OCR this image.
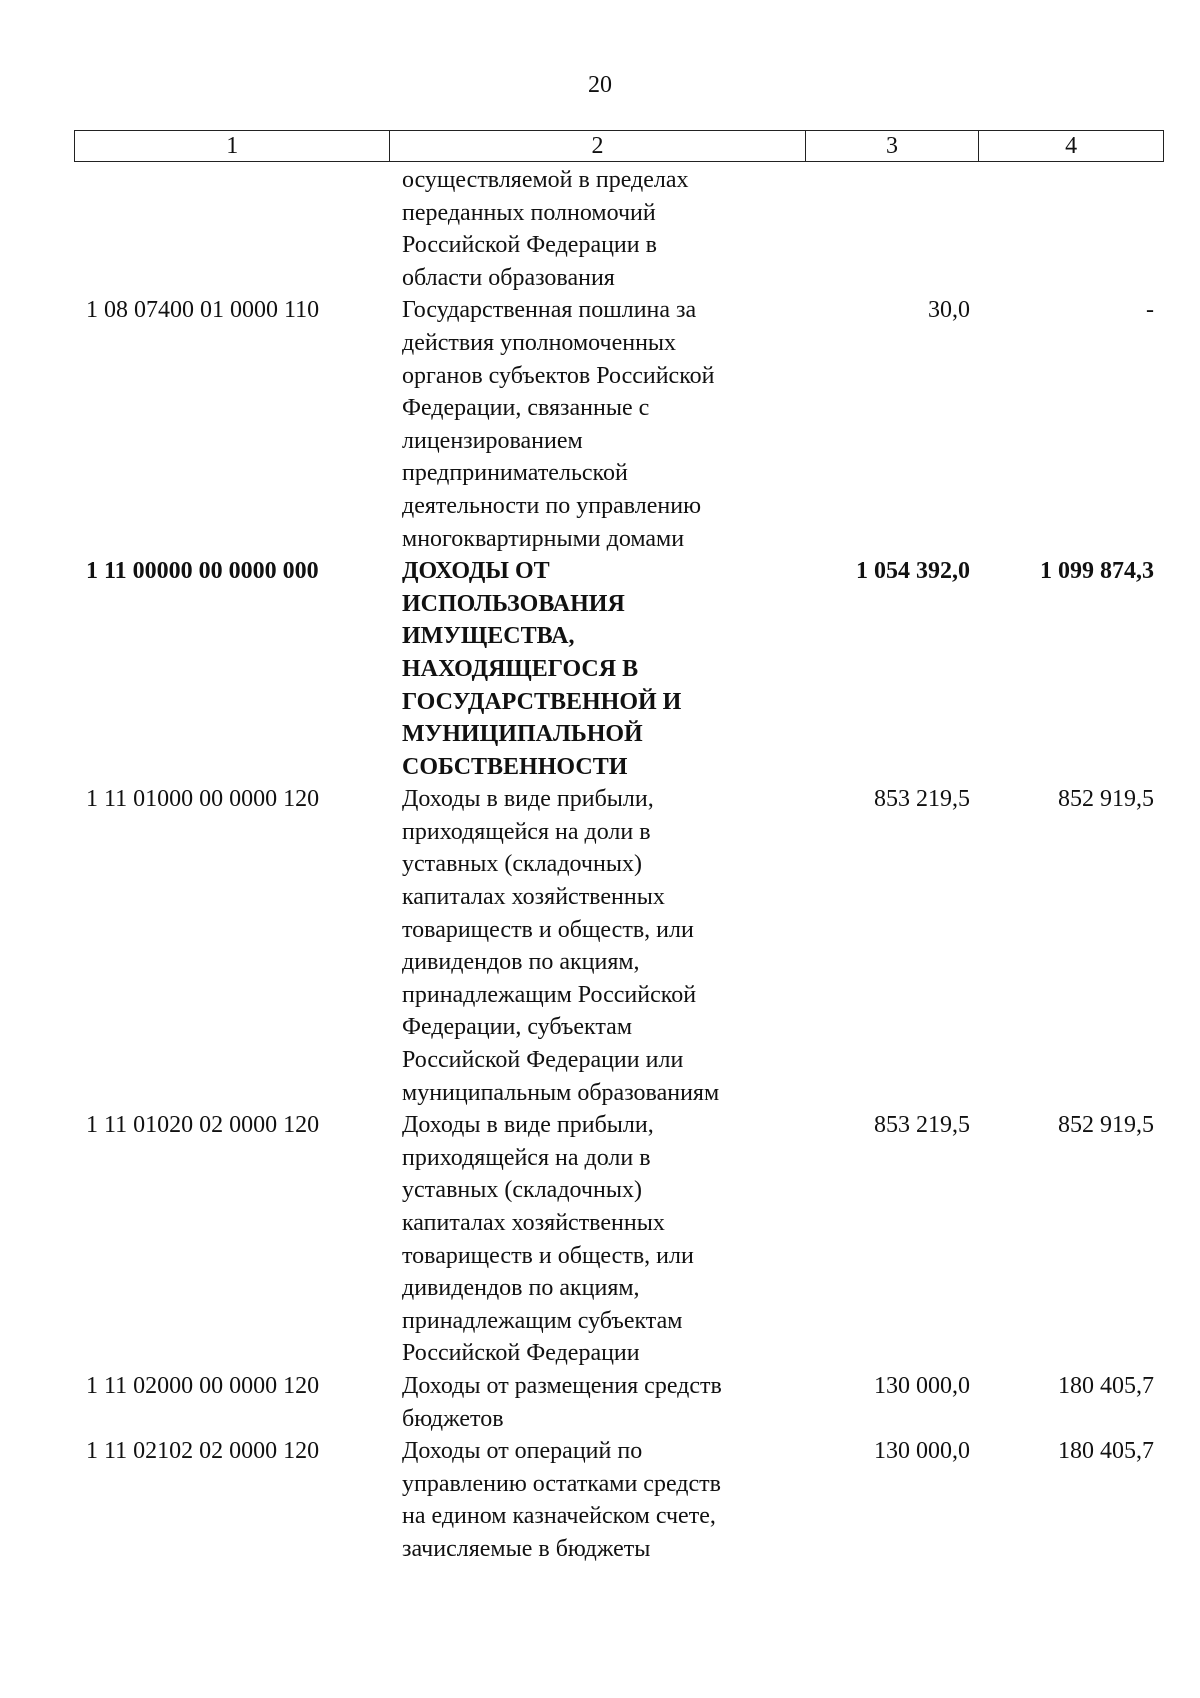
20
1	2	3	4
осуществляемой в пределах
переданных полномочий
Российской Федерации в
области образования
1 08 07400 01 0000 110	Государственная пошлина за
действия уполномоченных
органов субъектов Российской
Федерации, связанные с
лицензированием
предпринимательской
деятельности по управлению
многоквартирными домами
30,0	-
1 11 00000 00 0000 000	ДОХОДЫ ОТ
ИСПОЛЬЗОВАНИЯ
ИМУЩЕСТВА,
НАХОДЯЩЕГОСЯ В
ГОСУДАРСТВЕННОЙ И
МУНИЦИПАЛЬНОЙ
СОБСТВЕННОСТИ
1 054 392,0	1 099 874,3
1 11 01000 00 0000 120	Доходы в виде прибыли,
приходящейся на доли в
уставных (складочных)
капиталах хозяйственных
товариществ и обществ, или
дивидендов по акциям,
принадлежащим Российской
Федерации, субъектам
Российской Федерации или
муниципальным образованиям
853 219,5	852 919,5
1 11 01020 02 0000 120	Доходы в виде прибыли,
приходящейся на доли в
уставных (складочных)
капиталах хозяйственных
товариществ и обществ, или
дивидендов по акциям,
принадлежащим субъектам
Российской Федерации
853 219,5	852 919,5
1 11 02000 00 0000 120	Доходы от размещения средств
бюджетов
130 000,0	180 405,7
1 11 02102 02 0000 120	Доходы от операций по
управлению остатками средств
на едином казначейском счете,
зачисляемые в бюджеты
130 000,0	180 405,7
